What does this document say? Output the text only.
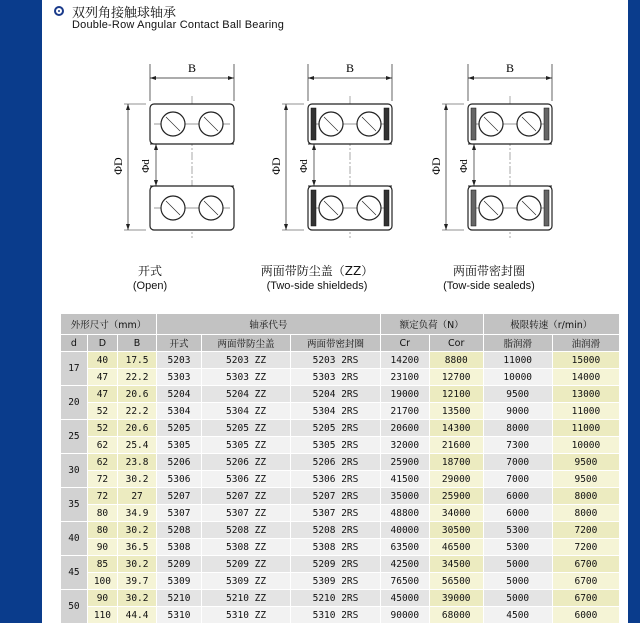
双列角接触球轴承
Double-Row Angular Contact Ball Bearing
B
ΦD Φd
B
ΦD Φd
B
ΦD Φd
开式
(Open)
两面带防尘盖（ZZ）
(Two-side shieldeds)
两面带密封圈
(Tow-side sealeds)
外形尺寸（mm）			轴承代号			额定负荷（N）		极限转速（r/min）	
d	D	B	开式	两面带防尘盖	两面带密封圈	Cr	Cor	脂润滑	油润滑
17	40	17.5	5203	5203 ZZ	5203 2RS	14200	8800	11000	15000
	47	22.2	5303	5303 ZZ	5303 2RS	23100	12700	10000	14000
20	47	20.6	5204	5204 ZZ	5204 2RS	19000	12100	9500	13000
	52	22.2	5304	5304 ZZ	5304 2RS	21700	13500	9000	11000
25	52	20.6	5205	5205 ZZ	5205 2RS	20600	14300	8000	11000
	62	25.4	5305	5305 ZZ	5305 2RS	32000	21600	7300	10000
30	62	23.8	5206	5206 ZZ	5206 2RS	25900	18700	7000	9500
	72	30.2	5306	5306 ZZ	5306 2RS	41500	29000	7000	9500
35	72	27	5207	5207 ZZ	5207 2RS	35000	25900	6000	8000
	80	34.9	5307	5307 ZZ	5307 2RS	48800	34000	6000	8000
40	80	30.2	5208	5208 ZZ	5208 2RS	40000	30500	5300	7200
	90	36.5	5308	5308 ZZ	5308 2RS	63500	46500	5300	7200
45	85	30.2	5209	5209 ZZ	5209 2RS	42500	34500	5000	6700
	100	39.7	5309	5309 ZZ	5309 2RS	76500	56500	5000	6700
50	90	30.2	5210	5210 ZZ	5210 2RS	45000	39000	5000	6700
	110	44.4	5310	5310 ZZ	5310 2RS	90000	68000	4500	6000
